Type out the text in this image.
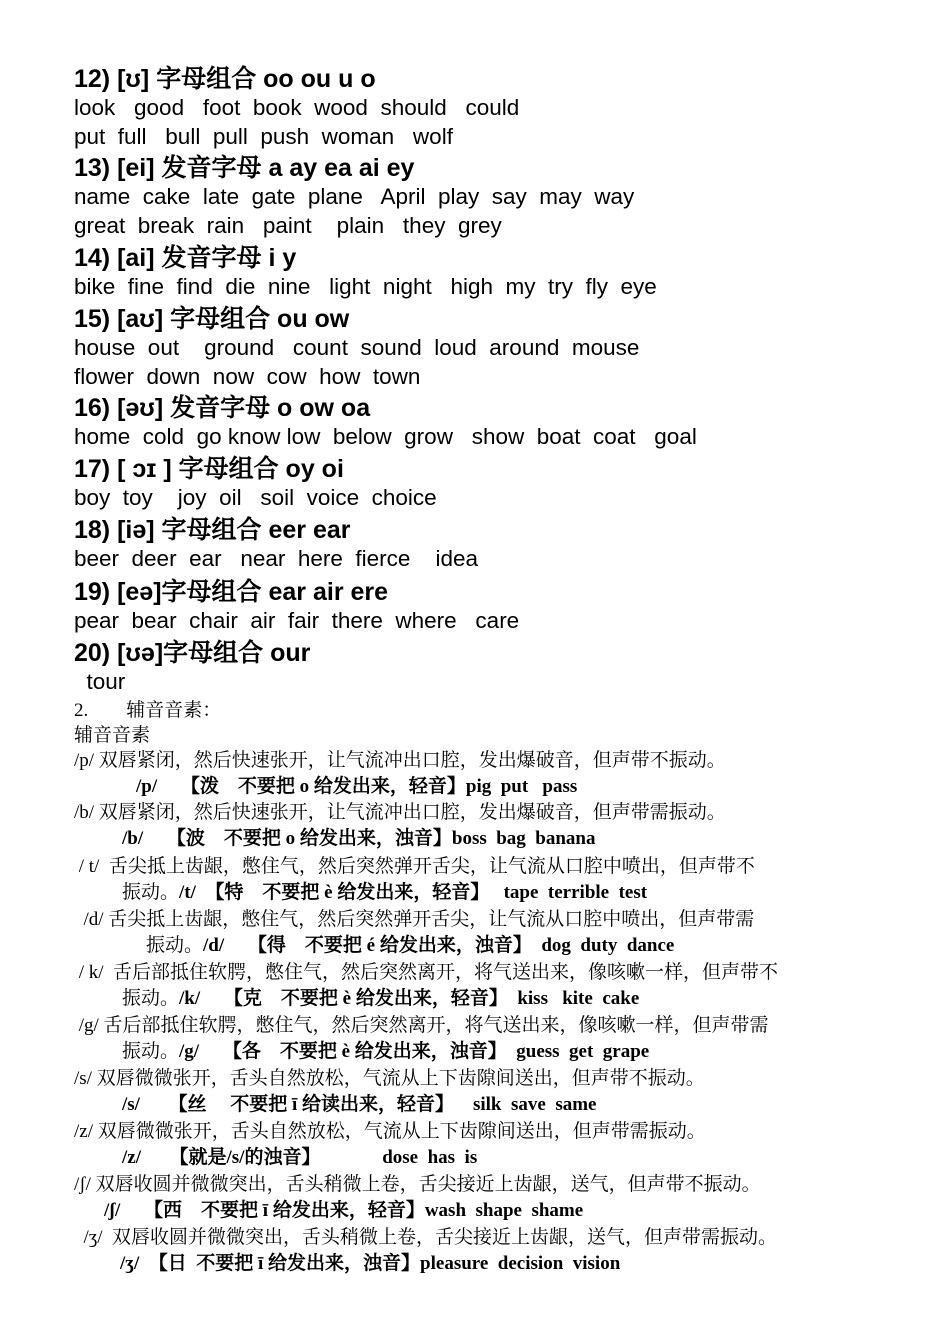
12) [ʊ] 字母组合 oo ou u o

look   good   foot  book  wood  should   could

put  full   bull  pull  push  woman   wolf

13) [ei] 发音字母 a ay ea ai ey

name  cake  late  gate  plane   April  play  say  may  way

great  break  rain   paint    plain   they  grey

14) [ai] 发音字母 i y

bike  fine  find  die  nine   light  night   high  my  try  fly  eye

15) [aʊ] 字母组合 ou ow

house  out    ground   count  sound  loud  around  mouse

flower  down  now  cow  how  town

16) [əʊ] 发音字母 o ow oa

home  cold  go know low  below  grow   show  boat  coat   goal

17) [ ɔɪ ] 字母组合 oy oi

boy  toy    joy  oil   soil  voice  choice

18) [iə] 字母组合 eer ear

beer  deer  ear   near  here  fierce    idea

19) [eə]字母组合 ear air ere

pear  bear  chair  air  fair  there  where   care

20) [ʊə]字母组合 our

tour

2.        辅音音素：
辅音音素

/p/ 双唇紧闭，然后快速张开，让气流冲出口腔，发出爆破音，但声带不振动。

/p/     【泼    不要把 o 给发出来，轻音】pig  put   pass

/b/ 双唇紧闭，然后快速张开，让气流冲出口腔，发出爆破音，但声带需振动。

/b/     【波    不要把 o 给发出来，浊音】boss  bag  banana

/ t/  舌尖抵上齿龈，憋住气，然后突然弹开舌尖，让气流从口腔中喷出，但声带不

振动。/t/  【特    不要把 è 给发出来，轻音】   tape  terrible  test

/d/ 舌尖抵上齿龈，憋住气，然后突然弹开舌尖，让气流从口腔中喷出，但声带需

振动。/d/     【得    不要把 é 给发出来，浊音】  dog  duty  dance

/ k/  舌后部抵住软腭，憋住气，然后突然离开，将气送出来，像咳嗽一样，但声带不

振动。/k/     【克    不要把 è 给发出来，轻音】  kiss   kite  cake

/g/ 舌后部抵住软腭，憋住气，然后突然离开，将气送出来，像咳嗽一样，但声带需

振动。/g/     【各    不要把 è 给发出来，浊音】  guess  get  grape

/s/ 双唇微微张开，舌头自然放松，气流从上下齿隙间送出，但声带不振动。

/s/      【丝     不要把 ī 给读出来，轻音】    silk  save  same

/z/ 双唇微微张开，舌头自然放松，气流从上下齿隙间送出，但声带需振动。

/z/      【就是/s/的浊音】             dose  has  is

/ʃ/ 双唇收圆并微微突出，舌头稍微上卷，舌尖接近上齿龈，送气，但声带不振动。

/ʃ/     【西    不要把 ī 给发出来，轻音】wash  shape  shame

/ʒ/  双唇收圆并微微突出，舌头稍微上卷，舌尖接近上齿龈，送气，但声带需振动。

/ʒ/  【日  不要把 ī 给发出来，浊音】pleasure  decision  vision
